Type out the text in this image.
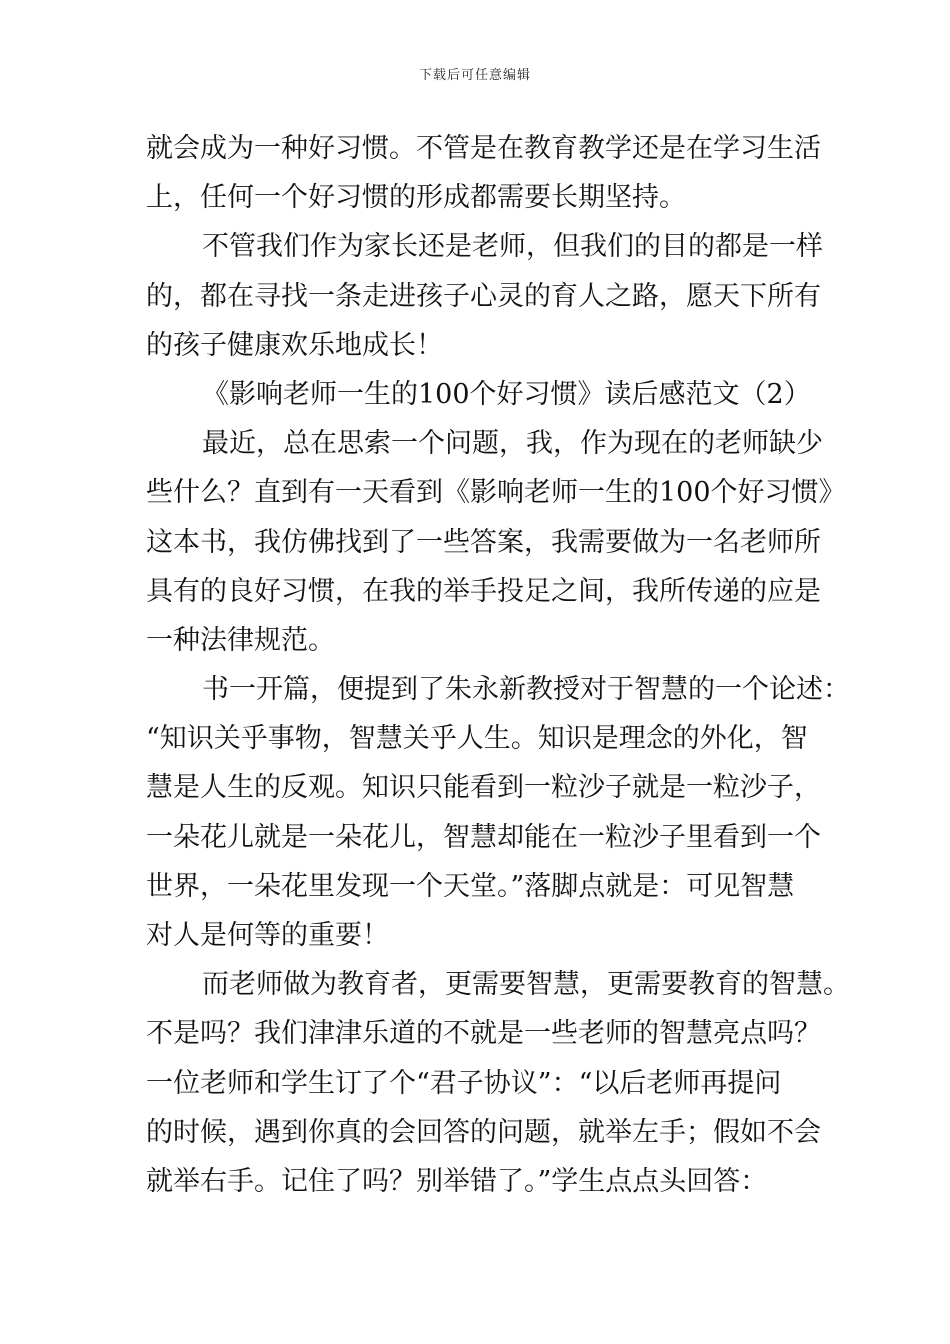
下载后可任意编辑
就会成为一种好习惯。不管是在教育教学还是在学习生活
上，任何一个好习惯的形成都需要长期坚持。
不管我们作为家长还是老师，但我们的目的都是一样
的，都在寻找一条走进孩子心灵的育人之路，愿天下所有
的孩子健康欢乐地成长！
《影响老师一生的100个好习惯》读后感范文（2）
最近，总在思索一个问题，我，作为现在的老师缺少
些什么？直到有一天看到《影响老师一生的100个好习惯》
这本书，我仿佛找到了一些答案，我需要做为一名老师所
具有的良好习惯，在我的举手投足之间，我所传递的应是
一种法律规范。
书一开篇，便提到了朱永新教授对于智慧的一个论述：
“知识关乎事物，智慧关乎人生。知识是理念的外化，智
慧是人生的反观。知识只能看到一粒沙子就是一粒沙子，
一朵花儿就是一朵花儿，智慧却能在一粒沙子里看到一个
世界，一朵花里发现一个天堂。”落脚点就是：可见智慧
对人是何等的重要！
而老师做为教育者，更需要智慧，更需要教育的智慧。
不是吗？我们津津乐道的不就是一些老师的智慧亮点吗？
一位老师和学生订了个“君子协议”：“以后老师再提问
的时候，遇到你真的会回答的问题，就举左手；假如不会
就举右手。记住了吗？别举错了。”学生点点头回答：
